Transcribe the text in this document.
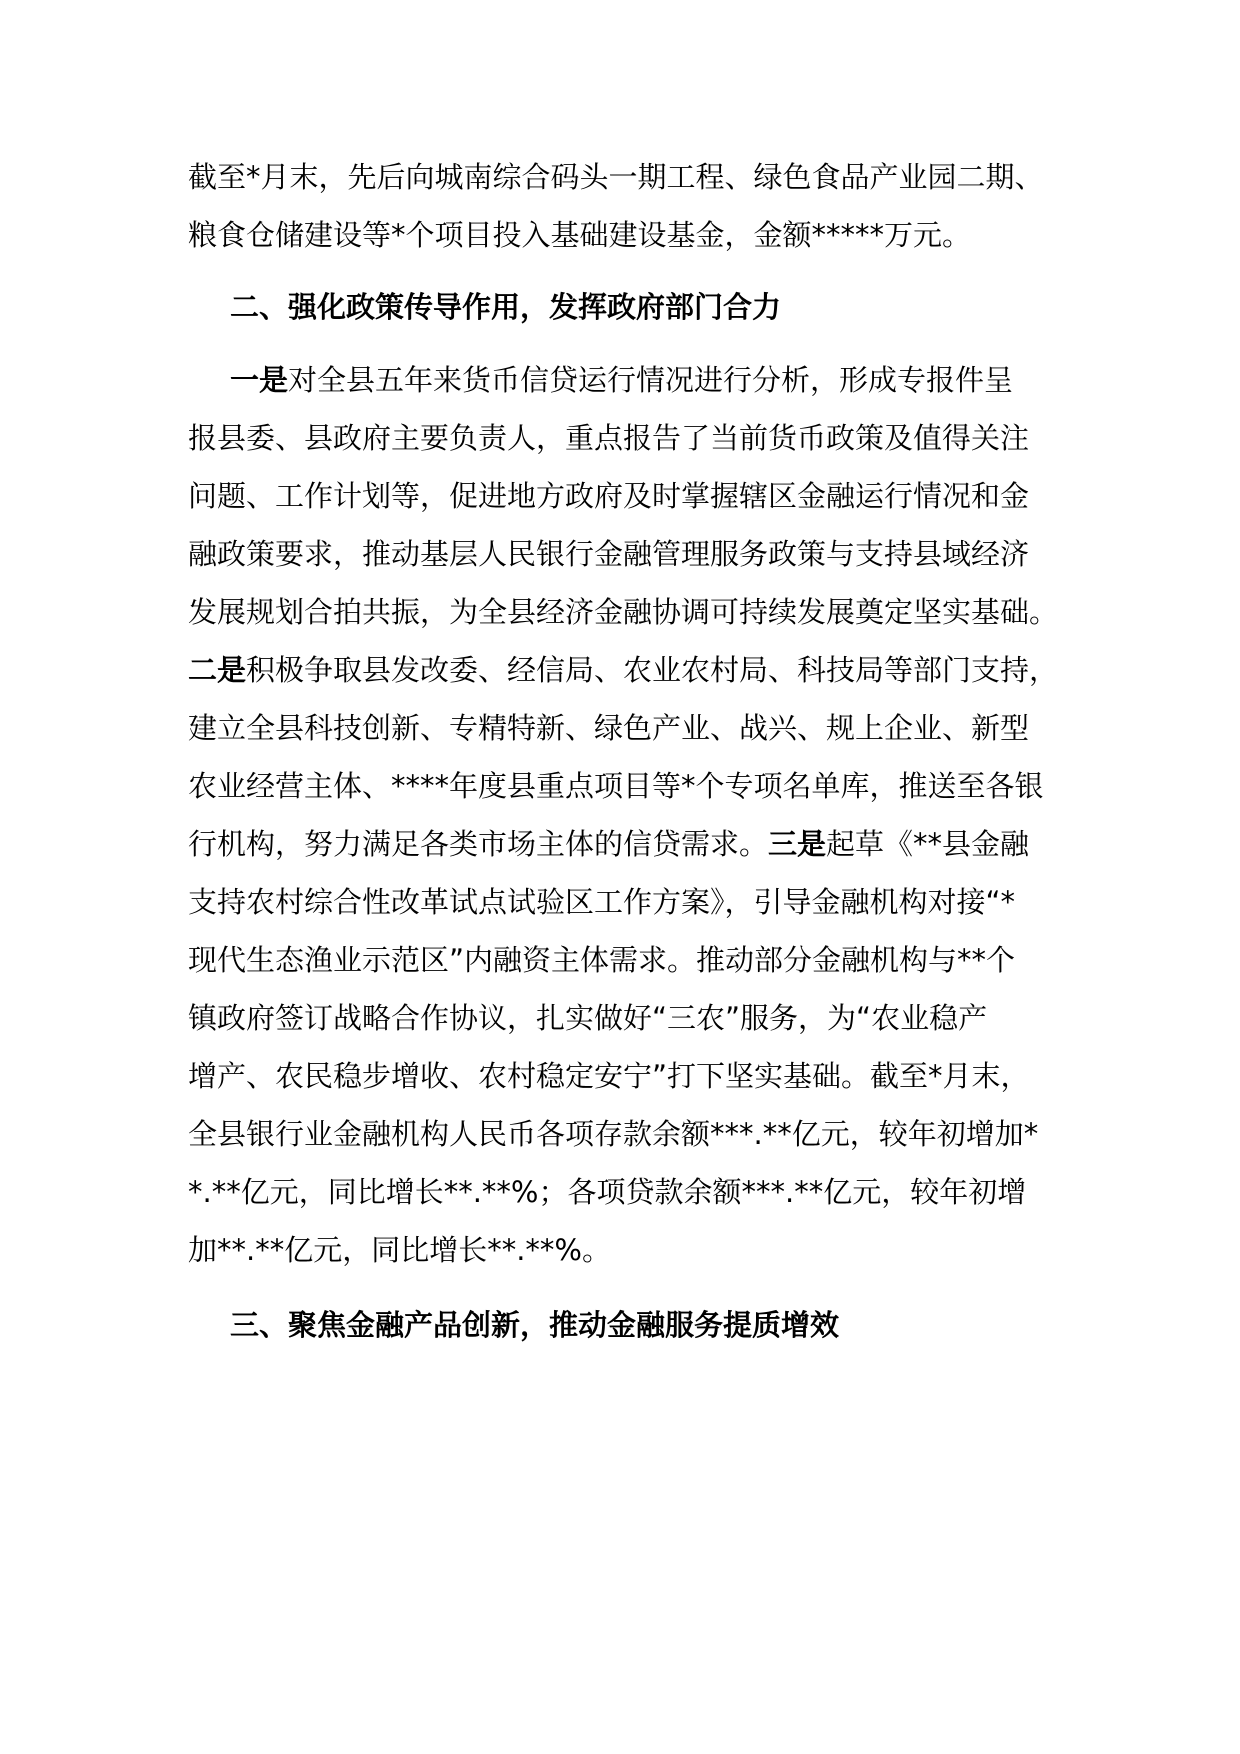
截至*月末，先后向城南综合码头一期工程、绿色食品产业园二期、
粮食仓储建设等*个项目投入基础建设基金，金额*****万元。
二、强化政策传导作用，发挥政府部门合力
一是对全县五年来货币信贷运行情况进行分析，形成专报件呈
报县委、县政府主要负责人，重点报告了当前货币政策及值得关注
问题、工作计划等，促进地方政府及时掌握辖区金融运行情况和金
融政策要求，推动基层人民银行金融管理服务政策与支持县域经济
发展规划合拍共振，为全县经济金融协调可持续发展奠定坚实基础。
二是积极争取县发改委、经信局、农业农村局、科技局等部门支持，
建立全县科技创新、专精特新、绿色产业、战兴、规上企业、新型
农业经营主体、****年度县重点项目等*个专项名单库，推送至各银
行机构，努力满足各类市场主体的信贷需求。三是起草《**县金融
支持农村综合性改革试点试验区工作方案》，引导金融机构对接“*
现代生态渔业示范区”内融资主体需求。推动部分金融机构与**个
镇政府签订战略合作协议，扎实做好“三农”服务，为“农业稳产
增产、农民稳步增收、农村稳定安宁”打下坚实基础。截至*月末，
全县银行业金融机构人民币各项存款余额***.**亿元，较年初增加*
*.**亿元，同比增长**.**%；各项贷款余额***.**亿元，较年初增
加**.**亿元，同比增长**.**%。
三、聚焦金融产品创新，推动金融服务提质增效
